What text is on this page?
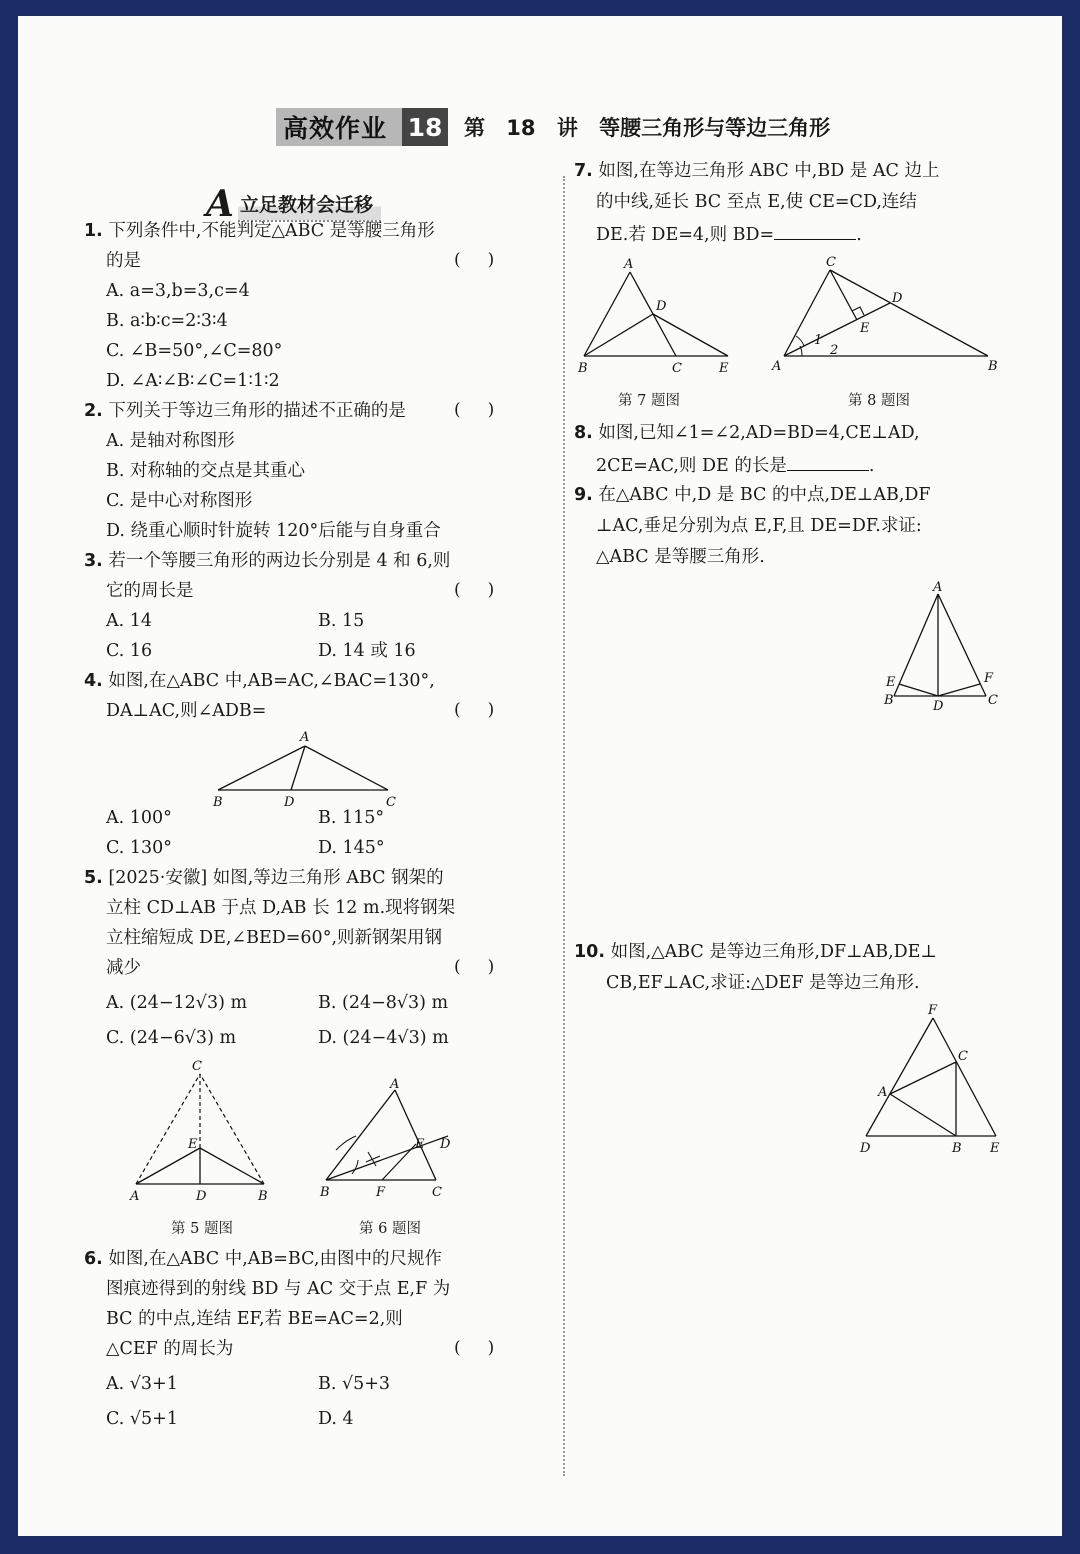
高效作业 18 第 18 讲 等腰三角形与等边三角形
A 立足教材会迁移
1. 下列条件中,不能判定△ABC 是等腰三角形
的是	(     )
A. a=3,b=3,c=4
B. a∶b∶c=2∶3∶4
C. ∠B=50°,∠C=80°
D. ∠A∶∠B∶∠C=1∶1∶2
2. 下列关于等边三角形的描述不正确的是	(     )
A. 是轴对称图形
B. 对称轴的交点是其重心
C. 是中心对称图形
D. 绕重心顺时针旋转 120°后能与自身重合
3. 若一个等腰三角形的两边长分别是 4 和 6,则
它的周长是	(     )
A. 14	B. 15
C. 16	D. 14 或 16
4. 如图,在△ABC 中,AB=AC,∠BAC=130°,
DA⊥AC,则∠ADB=	(     )
A
B	D	C
A. 100°	B. 115°
C. 130°	D. 145°
5. [2025·安徽] 如图,等边三角形 ABC 钢架的
立柱 CD⊥AB 于点 D,AB 长 12 m.现将钢架
立柱缩短成 DE,∠BED=60°,则新钢架用钢
减少	(     )
A. (24−12√3) m	B. (24−8√3) m
C. (24−6√3) m	D. (24−4√3) m
C
E
A	D	B
第 5 题图
A
E D
B	F	C
第 6 题图
6. 如图,在△ABC 中,AB=BC,由图中的尺规作
图痕迹得到的射线 BD 与 AC 交于点 E,F 为
BC 的中点,连结 EF,若 BE=AC=2,则
△CEF 的周长为	(     )
A. √3+1	B. √5+3
C. √5+1	D. 4
7. 如图,在等边三角形 ABC 中,BD 是 AC 边上
的中线,延长 BC 至点 E,使 CE=CD,连结
DE.若 DE=4,则 BD=	.
A
D
B	C	E
第 7 题图
C
D
E
1
2
A	B
第 8 题图
8. 如图,已知∠1=∠2,AD=BD=4,CE⊥AD,
2CE=AC,则 DE 的长是	.
9. 在△ABC 中,D 是 BC 的中点,DE⊥AB,DF
⊥AC,垂足分别为点 E,F,且 DE=DF.求证:
△ABC 是等腰三角形.
A
E	F
B	D	C
10. 如图,△ABC 是等边三角形,DF⊥AB,DE⊥
CB,EF⊥AC,求证:△DEF 是等边三角形.
F
C
A
D	B E
